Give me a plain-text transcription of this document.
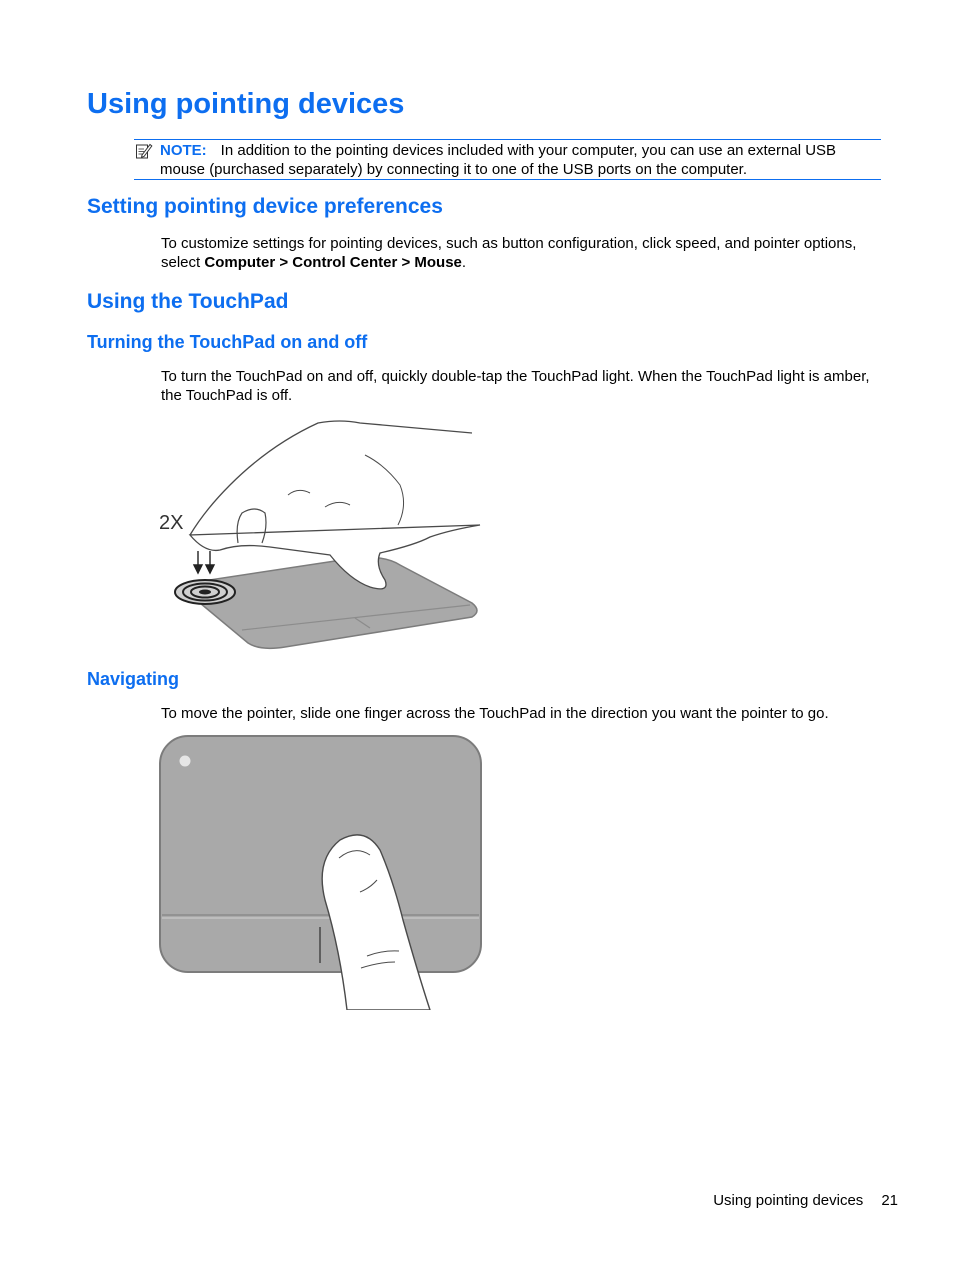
Using pointing devices
NOTE: In addition to the pointing devices included with your computer, you can use an external USB mouse (purchased separately) by connecting it to one of the USB ports on the computer.
Setting pointing device preferences

To customize settings for pointing devices, such as button configuration, click speed, and pointer options, select Computer > Control Center > Mouse.

Using the TouchPad
Turning the TouchPad on and off

To turn the TouchPad on and off, quickly double-tap the TouchPad light. When the TouchPad light is amber, the TouchPad is off.

2X
Navigating

To move the pointer, slide one finger across the TouchPad in the direction you want the pointer to go.

Using pointing devices 21
